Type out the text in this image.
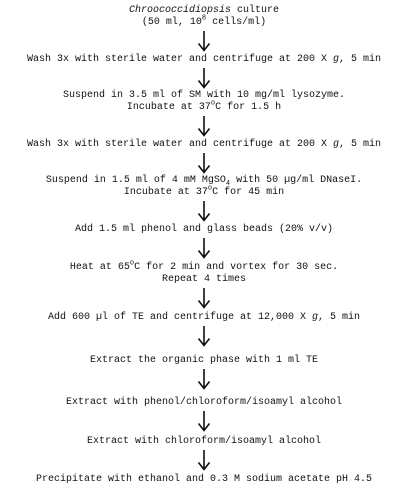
Chroococcidiopsis culture
(50 ml, $10^8$ cells/ml)
Wash 3x with sterile water and centrifuge at 200 X g, 5 min
Suspend in 3.5 ml of SM with 10 mg/ml lysozyme.
Incubate at 37$^o$C for 1.5 h
Wash 3x with sterile water and centrifuge at 200 X g, 5 min
Suspend in 1.5 ml of 4 mM MgSO$_4$ with 50 µg/ml DNaseI.
Incubate at 37$^o$C for 45 min
Add 1.5 ml phenol and glass beads (20% v/v)
Heat at 65$^o$C for 2 min and vortex for 30 sec.
Repeat 4 times
Add 600 µl of TE and centrifuge at 12,000 X g, 5 min
Extract the organic phase with 1 ml TE
Extract with phenol/chloroform/isoamyl alcohol
Extract with chloroform/isoamyl alcohol
Precipitate with ethanol and 0.3 M sodium acetate pH 4.5
